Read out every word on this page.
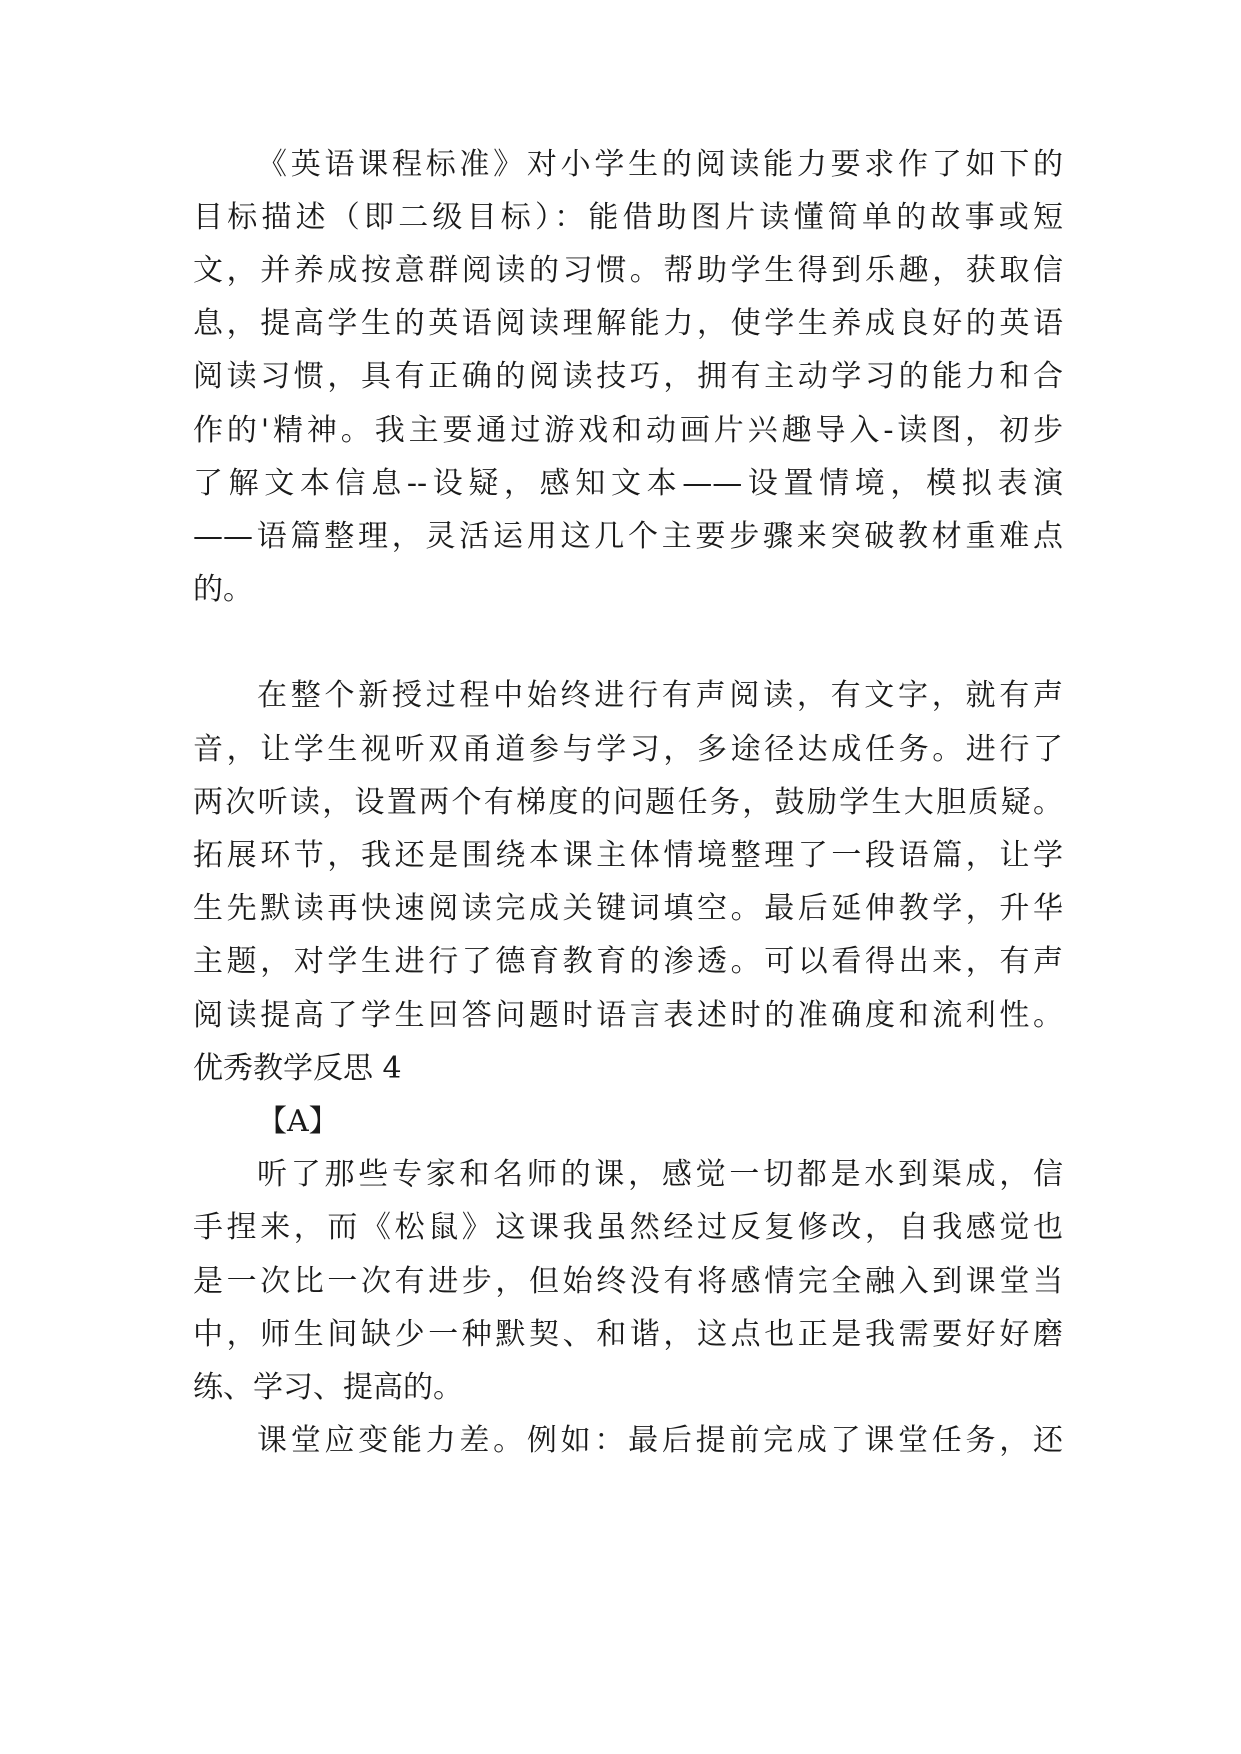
《英语课程标准》对小学生的阅读能力要求作了如下的
目标描述（即二级目标）：能借助图片读懂简单的故事或短
文，并养成按意群阅读的习惯。帮助学生得到乐趣，获取信
息，提高学生的英语阅读理解能力，使学生养成良好的英语
阅读习惯，具有正确的阅读技巧，拥有主动学习的能力和合
作的'精神。我主要通过游戏和动画片兴趣导入-读图，初步
了解文本信息--设疑，感知文本——设置情境，模拟表演
——语篇整理，灵活运用这几个主要步骤来突破教材重难点
的。
在整个新授过程中始终进行有声阅读，有文字，就有声
音，让学生视听双甬道参与学习，多途径达成任务。进行了
两次听读，设置两个有梯度的问题任务，鼓励学生大胆质疑。
拓展环节，我还是围绕本课主体情境整理了一段语篇，让学
生先默读再快速阅读完成关键词填空。最后延伸教学，升华
主题，对学生进行了德育教育的渗透。可以看得出来，有声
阅读提高了学生回答问题时语言表述时的准确度和流利性。
优秀教学反思 4
【A】
听了那些专家和名师的课，感觉一切都是水到渠成，信
手捏来，而《松鼠》这课我虽然经过反复修改，自我感觉也
是一次比一次有进步，但始终没有将感情完全融入到课堂当
中，师生间缺少一种默契、和谐，这点也正是我需要好好磨
练、学习、提高的。
课堂应变能力差。例如：最后提前完成了课堂任务，还
